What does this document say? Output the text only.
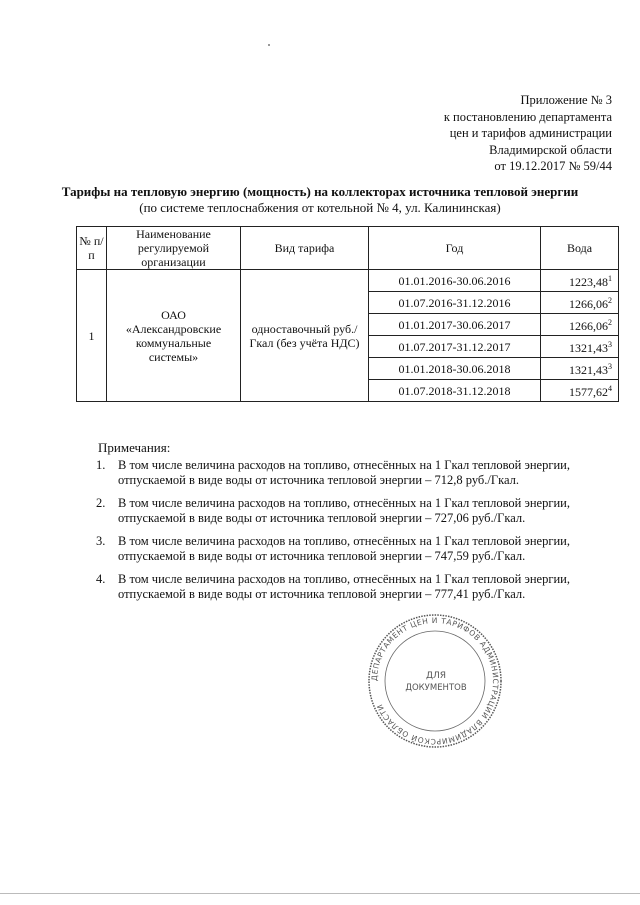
Приложение № 3
к постановлению департамента
цен и тарифов администрации
Владимирской области
от 19.12.2017 № 59/44
Тарифы на тепловую энергию (мощность) на коллекторах источника тепловой энергии
(по системе теплоснабжения от котельной № 4, ул. Калининская)
№ п/п	Наименование регулируемой организации	Вид тарифа	Год	Вода
1	ОАО «Александровские коммунальные системы»	одноставочный руб./Гкал (без учёта НДС)	01.01.2016-30.06.2016	1223,48$^1$
			01.07.2016-31.12.2016	1266,06$^2$
			01.01.2017-30.06.2017	1266,06$^2$
			01.07.2017-31.12.2017	1321,43$^3$
			01.01.2018-30.06.2018	1321,43$^3$
			01.07.2018-31.12.2018	1577,62$^4$
Примечания:
1. В том числе величина расходов на топливо, отнесённых на 1 Гкал тепловой энергии, отпускаемой в виде воды от источника тепловой энергии – 712,8 руб./Гкал.
2. В том числе величина расходов на топливо, отнесённых на 1 Гкал тепловой энергии, отпускаемой в виде воды от источника тепловой энергии – 727,06 руб./Гкал.
3. В том числе величина расходов на топливо, отнесённых на 1 Гкал тепловой энергии, отпускаемой в виде воды от источника тепловой энергии – 747,59 руб./Гкал.
4. В том числе величина расходов на топливо, отнесённых на 1 Гкал тепловой энергии, отпускаемой в виде воды от источника тепловой энергии – 777,41 руб./Гкал.
ДЕПАРТАМЕНТ ЦЕН И ТАРИФОВ АДМИНИСТРАЦИИ ВЛАДИМИРСКОЙ ОБЛАСТИ
ДЛЯ
ДОКУМЕНТОВ
